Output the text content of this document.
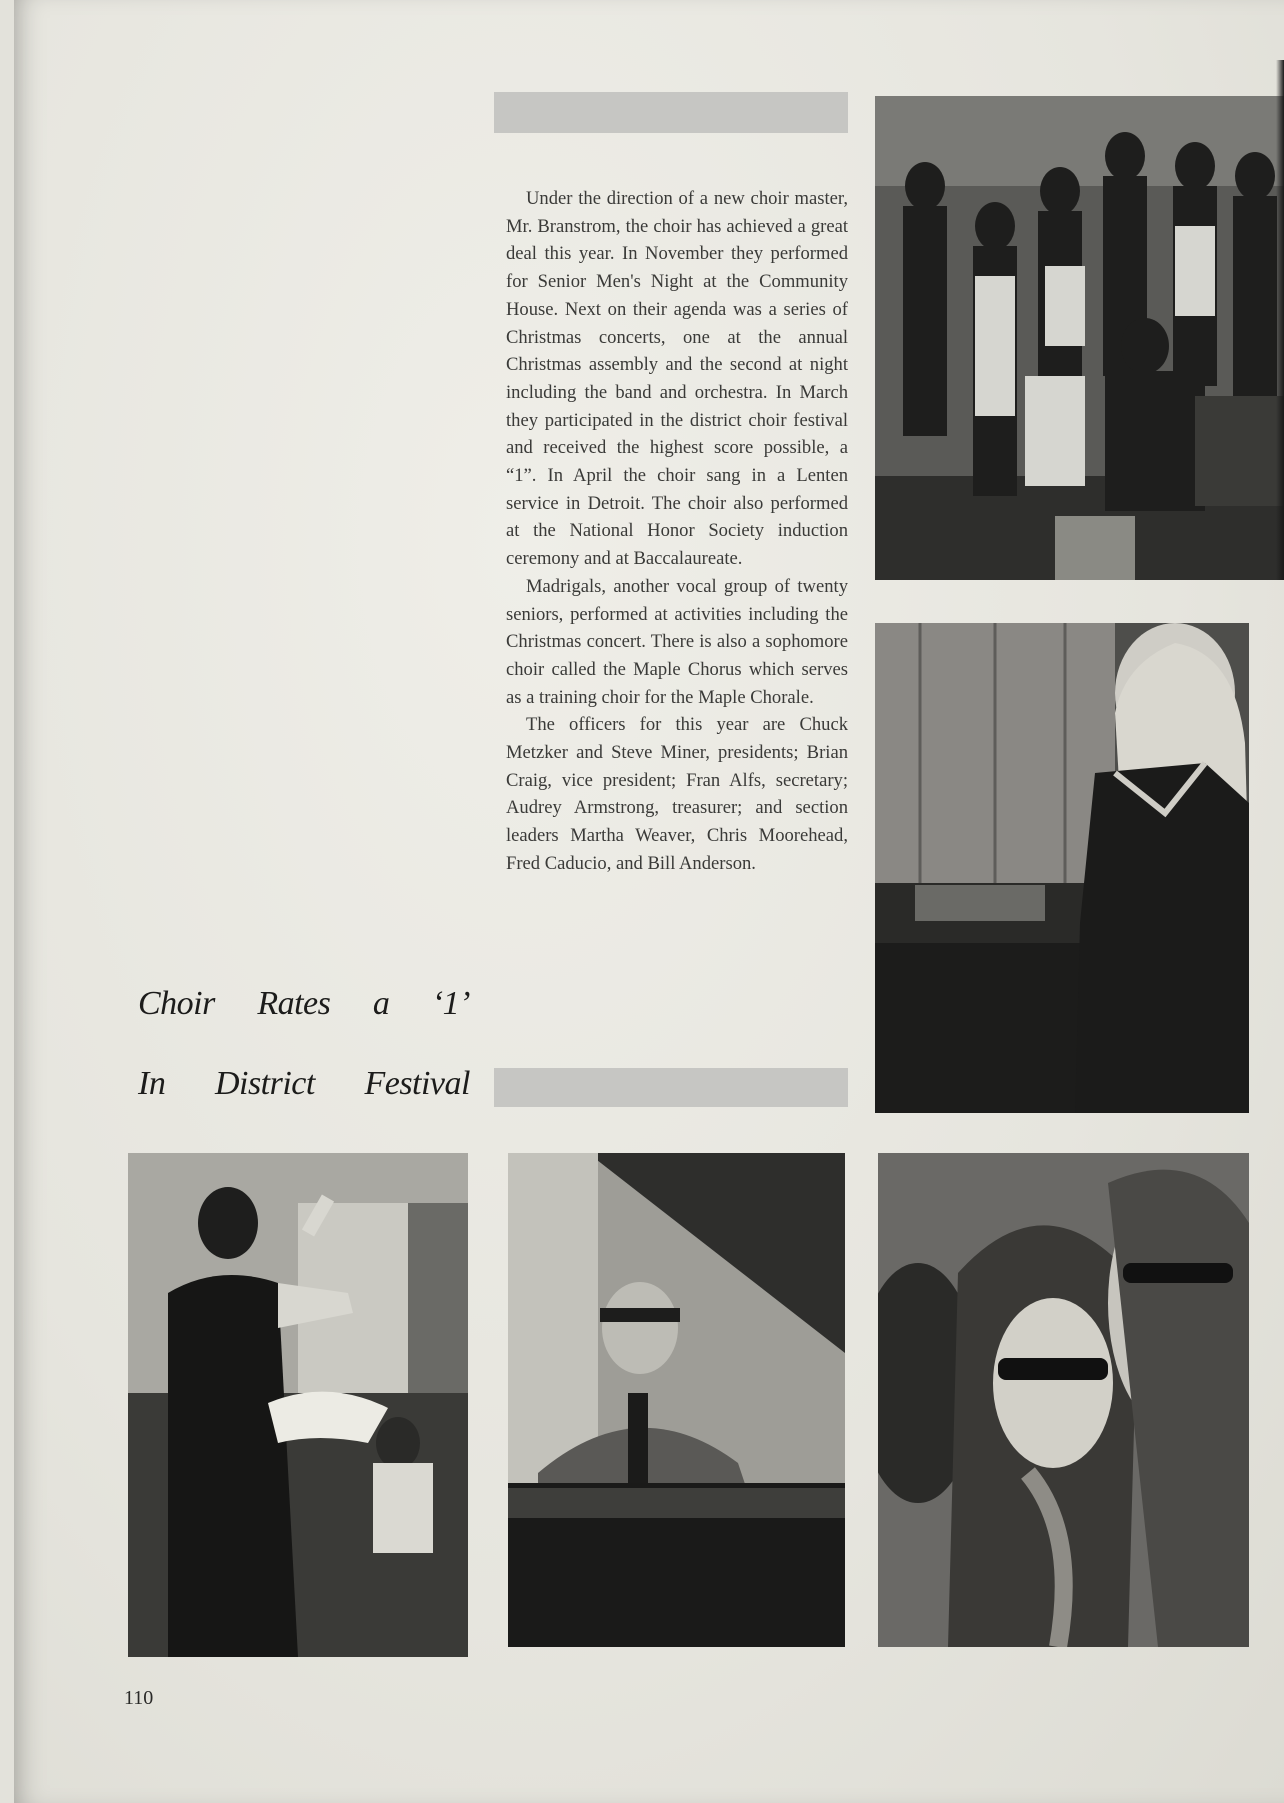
Under the direction of a new choir master, Mr. Branstrom, the choir has achieved a great deal this year. In November they performed for Senior Men's Night at the Community House. Next on their agenda was a series of Christmas concerts, one at the annual Christmas assembly and the second at night including the band and orchestra. In March they participated in the district choir festival and received the highest score possible, a “1”. In April the choir sang in a Lenten service in Detroit. The choir also performed at the National Honor Society induction ceremony and at Baccalaureate.

Madrigals, another vocal group of twenty seniors, performed at activities including the Christmas concert. There is also a sophomore choir called the Maple Chorus which serves as a training choir for the Maple Chorale.

The officers for this year are Chuck Metzker and Steve Miner, presidents; Brian Craig, vice president; Fran Alfs, secretary; Audrey Armstrong, treasurer; and section leaders Martha Weaver, Chris Moorehead, Fred Caducio, and Bill Anderson.

Choir Rates a ‘1’
In District Festival
110
